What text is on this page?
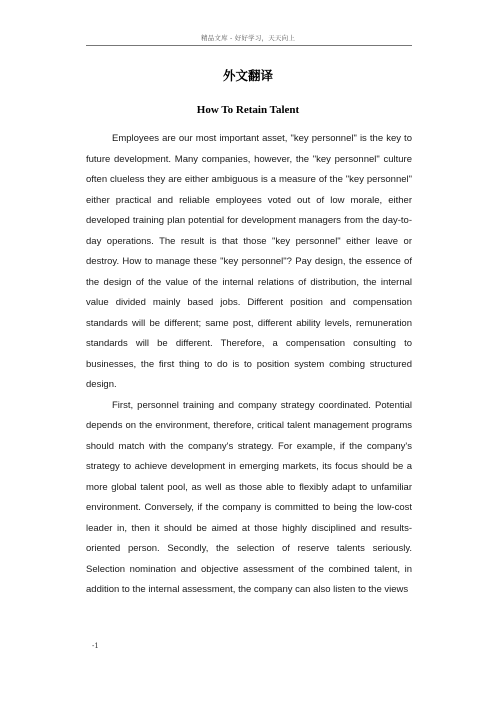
精品文库 - 好好学习，天天向上
外文翻译
How To Retain Talent

Employees are our most important asset, "key personnel" is the key to future development. Many companies, however, the "key personnel" culture often clueless they are either ambiguous is a measure of the "key personnel" either practical and reliable employees voted out of low morale, either developed training plan potential for development managers from the day-to-day operations. The result is that those "key personnel" either leave or destroy. How to manage these "key personnel"? Pay design, the essence of the design of the value of the internal relations of distribution, the internal value divided mainly based jobs. Different position and compensation standards will be different; same post, different ability levels, remuneration standards will be different. Therefore, a compensation consulting to businesses, the first thing to do is to position system combing structured design.

First, personnel training and company strategy coordinated. Potential depends on the environment, therefore, critical talent management programs should match with the company's strategy. For example, if the company's strategy to achieve development in emerging markets, its focus should be a more global talent pool, as well as those able to flexibly adapt to unfamiliar environment. Conversely, if the company is committed to being the low-cost leader in, then it should be aimed at those highly disciplined and results-oriented person. Secondly, the selection of reserve talents seriously. Selection nomination and objective assessment of the combined talent, in addition to the internal assessment, the company can also listen to the views

-1
